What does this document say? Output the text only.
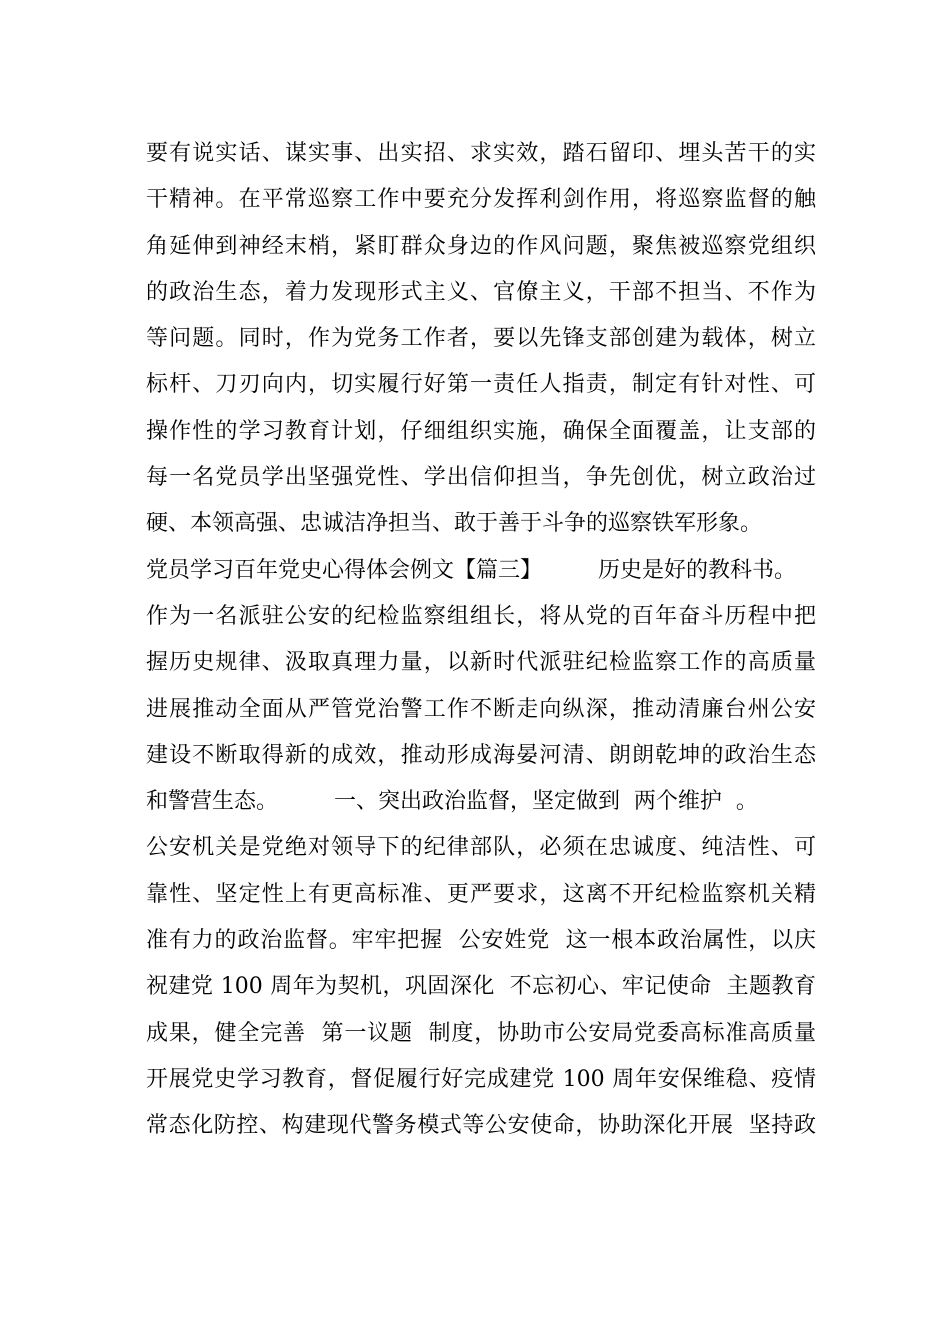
要有说实话、谋实事、出实招、求实效，踏石留印、埋头苦干的实
干精神。在平常巡察工作中要充分发挥利剑作用，将巡察监督的触
角延伸到神经末梢，紧盯群众身边的作风问题，聚焦被巡察党组织
的政治生态，着力发现形式主义、官僚主义，干部不担当、不作为
等问题。同时，作为党务工作者，要以先锋支部创建为载体，树立
标杆、刀刃向内，切实履行好第一责任人指责，制定有针对性、可
操作性的学习教育计划，仔细组织实施，确保全面覆盖，让支部的
每一名党员学出坚强党性、学出信仰担当，争先创优，树立政治过
硬、本领高强、忠诚洁净担当、敢于善于斗争的巡察铁军形象。
党员学习百年党史心得体会例文【篇三】        历史是好的教科书。
作为一名派驻公安的纪检监察组组长，将从党的百年奋斗历程中把
握历史规律、汲取真理力量，以新时代派驻纪检监察工作的高质量
进展推动全面从严管党治警工作不断走向纵深，推动清廉台州公安
建设不断取得新的成效，推动形成海晏河清、朗朗乾坤的政治生态
和警营生态。        一、突出政治监督，坚定做到  两个维护  。
公安机关是党绝对领导下的纪律部队，必须在忠诚度、纯洁性、可
靠性、坚定性上有更高标准、更严要求，这离不开纪检监察机关精
准有力的政治监督。牢牢把握  公安姓党  这一根本政治属性，以庆
祝建党 100 周年为契机，巩固深化  不忘初心、牢记使命  主题教育
成果，健全完善  第一议题  制度，协助市公安局党委高标准高质量
开展党史学习教育，督促履行好完成建党 100 周年安保维稳、疫情
常态化防控、构建现代警务模式等公安使命，协助深化开展  坚持政
